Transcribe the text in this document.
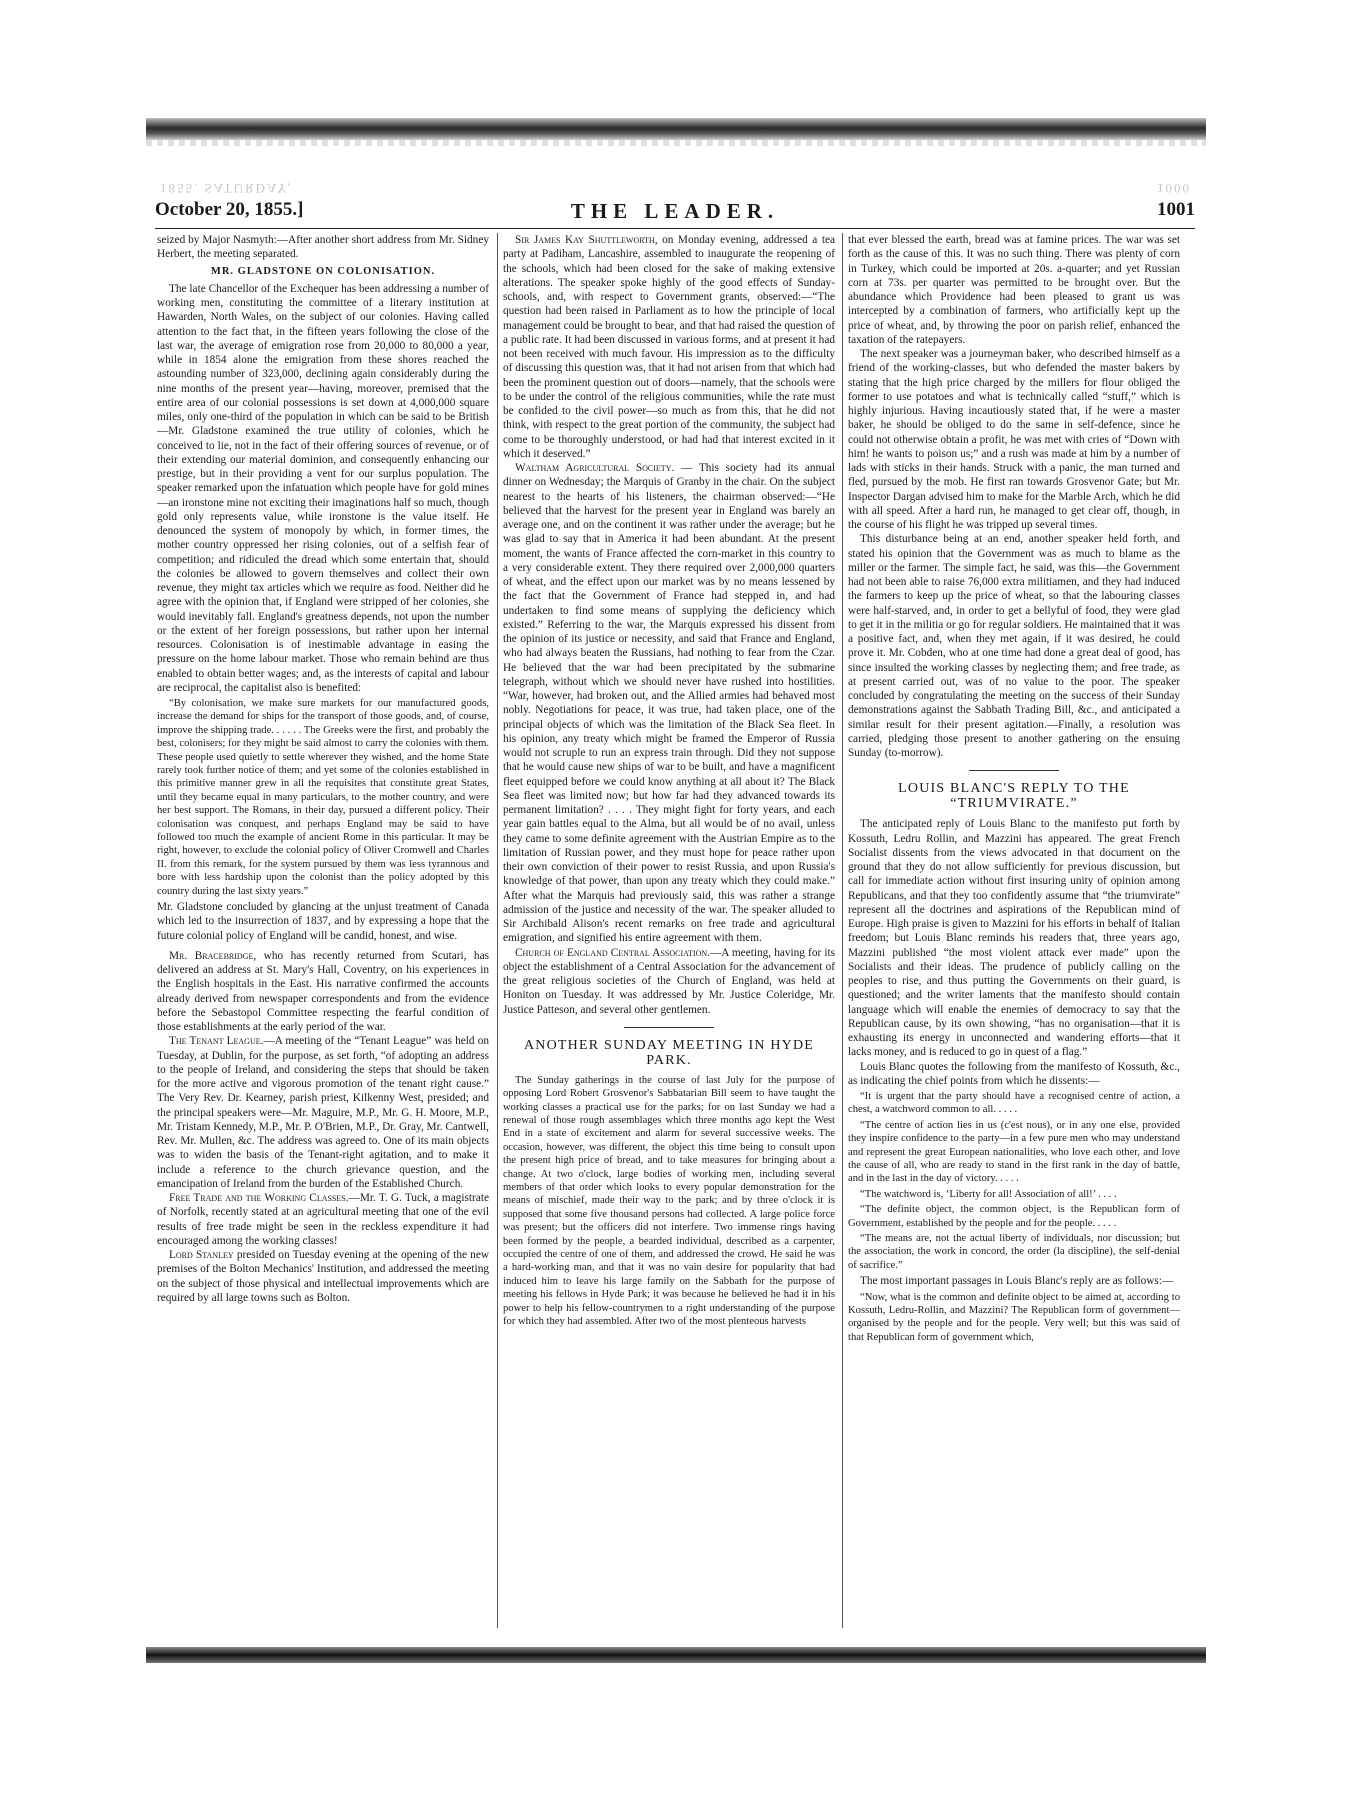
1855. SATURDAY,	1000
THE LEADER.
October 20, 1855.]	1001

seized by Major Nasmyth:—After another short address from Mr. Sidney Herbert, the meeting separated.

MR. GLADSTONE ON COLONISATION.

The late Chancellor of the Exchequer has been addressing a number of working men, constituting the committee of a literary institution at Hawarden, North Wales, on the subject of our colonies. Having called attention to the fact that, in the fifteen years following the close of the last war, the average of emigration rose from 20,000 to 80,000 a year, while in 1854 alone the emigration from these shores reached the astounding number of 323,000, declining again considerably during the nine months of the present year—having, moreover, premised that the entire area of our colonial possessions is set down at 4,000,000 square miles, only one-third of the population in which can be said to be British—Mr. Gladstone examined the true utility of colonies, which he conceived to lie, not in the fact of their offering sources of revenue, or of their extending our material dominion, and consequently enhancing our prestige, but in their providing a vent for our surplus population. The speaker remarked upon the infatuation which people have for gold mines—an ironstone mine not exciting their imaginations half so much, though gold only represents value, while ironstone is the value itself. He denounced the system of monopoly by which, in former times, the mother country oppressed her rising colonies, out of a selfish fear of competition; and ridiculed the dread which some entertain that, should the colonies be allowed to govern themselves and collect their own revenue, they might tax articles which we require as food. Neither did he agree with the opinion that, if England were stripped of her colonies, she would inevitably fall. England's greatness depends, not upon the number or the extent of her foreign possessions, but rather upon her internal resources. Colonisation is of inestimable advantage in easing the pressure on the home labour market. Those who remain behind are thus enabled to obtain better wages; and, as the interests of capital and labour are reciprocal, the capitalist also is benefited:

“By colonisation, we make sure markets for our manufactured goods, increase the demand for ships for the transport of those goods, and, of course, improve the shipping trade. . . . . . The Greeks were the first, and probably the best, colonisers; for they might be said almost to carry the colonies with them. These people used quietly to settle wherever they wished, and the home State rarely took further notice of them; and yet some of the colonies established in this primitive manner grew in all the requisites that constitute great States, until they became equal in many particulars, to the mother country, and were her best support. The Romans, in their day, pursued a different policy. Their colonisation was conquest, and perhaps England may be said to have followed too much the example of ancient Rome in this particular. It may be right, however, to exclude the colonial policy of Oliver Cromwell and Charles II. from this remark, for the system pursued by them was less tyrannous and bore with less hardship upon the colonist than the policy adopted by this country during the last sixty years.”

Mr. Gladstone concluded by glancing at the unjust treatment of Canada which led to the insurrection of 1837, and by expressing a hope that the future colonial policy of England will be candid, honest, and wise.

Mr. Bracebridge, who has recently returned from Scutari, has delivered an address at St. Mary's Hall, Coventry, on his experiences in the English hospitals in the East. His narrative confirmed the accounts already derived from newspaper correspondents and from the evidence before the Sebastopol Committee respecting the fearful condition of those establishments at the early period of the war.

The Tenant League.—A meeting of the “Tenant League” was held on Tuesday, at Dublin, for the purpose, as set forth, “of adopting an address to the people of Ireland, and considering the steps that should be taken for the more active and vigorous promotion of the tenant right cause.” The Very Rev. Dr. Kearney, parish priest, Kilkenny West, presided; and the principal speakers were—Mr. Maguire, M.P., Mr. G. H. Moore, M.P., Mr. Tristam Kennedy, M.P., Mr. P. O'Brien, M.P., Dr. Gray, Mr. Cantwell, Rev. Mr. Mullen, &c. The address was agreed to. One of its main objects was to widen the basis of the Tenant-right agitation, and to make it include a reference to the church grievance question, and the emancipation of Ireland from the burden of the Established Church.

Free Trade and the Working Classes.—Mr. T. G. Tuck, a magistrate of Norfolk, recently stated at an agricultural meeting that one of the evil results of free trade might be seen in the reckless expenditure it had encouraged among the working classes!

Lord Stanley presided on Tuesday evening at the opening of the new premises of the Bolton Mechanics' Institution, and addressed the meeting on the subject of those physical and intellectual improvements which are required by all large towns such as Bolton.

Sir James Kay Shuttleworth, on Monday evening, addressed a tea party at Padiham, Lancashire, assembled to inaugurate the reopening of the schools, which had been closed for the sake of making extensive alterations. The speaker spoke highly of the good effects of Sunday-schools, and, with respect to Government grants, observed:—“The question had been raised in Parliament as to how the principle of local management could be brought to bear, and that had raised the question of a public rate. It had been discussed in various forms, and at present it had not been received with much favour. His impression as to the difficulty of discussing this question was, that it had not arisen from that which had been the prominent question out of doors—namely, that the schools were to be under the control of the religious communities, while the rate must be confided to the civil power—so much as from this, that he did not think, with respect to the great portion of the community, the subject had come to be thoroughly understood, or had had that interest excited in it which it deserved.”

Waltham Agricultural Society. — This society had its annual dinner on Wednesday; the Marquis of Granby in the chair. On the subject nearest to the hearts of his listeners, the chairman observed:—“He believed that the harvest for the present year in England was barely an average one, and on the continent it was rather under the average; but he was glad to say that in America it had been abundant. At the present moment, the wants of France affected the corn-market in this country to a very considerable extent. They there required over 2,000,000 quarters of wheat, and the effect upon our market was by no means lessened by the fact that the Government of France had stepped in, and had undertaken to find some means of supplying the deficiency which existed.” Referring to the war, the Marquis expressed his dissent from the opinion of its justice or necessity, and said that France and England, who had always beaten the Russians, had nothing to fear from the Czar. He believed that the war had been precipitated by the submarine telegraph, without which we should never have rushed into hostilities. “War, however, had broken out, and the Allied armies had behaved most nobly. Negotiations for peace, it was true, had taken place, one of the principal objects of which was the limitation of the Black Sea fleet. In his opinion, any treaty which might be framed the Emperor of Russia would not scruple to run an express train through. Did they not suppose that he would cause new ships of war to be built, and have a magnificent fleet equipped before we could know anything at all about it? The Black Sea fleet was limited now; but how far had they advanced towards its permanent limitation? . . . . They might fight for forty years, and each year gain battles equal to the Alma, but all would be of no avail, unless they came to some definite agreement with the Austrian Empire as to the limitation of Russian power, and they must hope for peace rather upon their own conviction of their power to resist Russia, and upon Russia's knowledge of that power, than upon any treaty which they could make.” After what the Marquis had previously said, this was rather a strange admission of the justice and necessity of the war. The speaker alluded to Sir Archibald Alison's recent remarks on free trade and agricultural emigration, and signified his entire agreement with them.

Church of England Central Association.—A meeting, having for its object the establishment of a Central Association for the advancement of the great religious societies of the Church of England, was held at Honiton on Tuesday. It was addressed by Mr. Justice Coleridge, Mr. Justice Patteson, and several other gentlemen.

ANOTHER SUNDAY MEETING IN HYDE PARK.

The Sunday gatherings in the course of last July for the purpose of opposing Lord Robert Grosvenor's Sabbatarian Bill seem to have taught the working classes a practical use for the parks; for on last Sunday we had a renewal of those rough assemblages which three months ago kept the West End in a state of excitement and alarm for several successive weeks. The occasion, however, was different, the object this time being to consult upon the present high price of bread, and to take measures for bringing about a change. At two o'clock, large bodies of working men, including several members of that order which looks to every popular demonstration for the means of mischief, made their way to the park; and by three o'clock it is supposed that some five thousand persons had collected. A large police force was present; but the officers did not interfere. Two immense rings having been formed by the people, a bearded individual, described as a carpenter, occupied the centre of one of them, and addressed the crowd. He said he was a hard-working man, and that it was no vain desire for popularity that had induced him to leave his large family on the Sabbath for the purpose of meeting his fellows in Hyde Park; it was because he believed he had it in his power to help his fellow-countrymen to a right understanding of the purpose for which they had assembled. After two of the most plenteous harvests

that ever blessed the earth, bread was at famine prices. The war was set forth as the cause of this. It was no such thing. There was plenty of corn in Turkey, which could be imported at 20s. a-quarter; and yet Russian corn at 73s. per quarter was permitted to be brought over. But the abundance which Providence had been pleased to grant us was intercepted by a combination of farmers, who artificially kept up the price of wheat, and, by throwing the poor on parish relief, enhanced the taxation of the ratepayers.

The next speaker was a journeyman baker, who described himself as a friend of the working-classes, but who defended the master bakers by stating that the high price charged by the millers for flour obliged the former to use potatoes and what is technically called “stuff,” which is highly injurious. Having incautiously stated that, if he were a master baker, he should be obliged to do the same in self-defence, since he could not otherwise obtain a profit, he was met with cries of “Down with him! he wants to poison us;” and a rush was made at him by a number of lads with sticks in their hands. Struck with a panic, the man turned and fled, pursued by the mob. He first ran towards Grosvenor Gate; but Mr. Inspector Dargan advised him to make for the Marble Arch, which he did with all speed. After a hard run, he managed to get clear off, though, in the course of his flight he was tripped up several times.

This disturbance being at an end, another speaker held forth, and stated his opinion that the Government was as much to blame as the miller or the farmer. The simple fact, he said, was this—the Government had not been able to raise 76,000 extra militiamen, and they had induced the farmers to keep up the price of wheat, so that the labouring classes were half-starved, and, in order to get a bellyful of food, they were glad to get it in the militia or go for regular soldiers. He maintained that it was a positive fact, and, when they met again, if it was desired, he could prove it. Mr. Cobden, who at one time had done a great deal of good, has since insulted the working classes by neglecting them; and free trade, as at present carried out, was of no value to the poor. The speaker concluded by congratulating the meeting on the success of their Sunday demonstrations against the Sabbath Trading Bill, &c., and anticipated a similar result for their present agitation.—Finally, a resolution was carried, pledging those present to another gathering on the ensuing Sunday (to-morrow).

LOUIS BLANC'S REPLY TO THE “TRIUMVIRATE.”

The anticipated reply of Louis Blanc to the manifesto put forth by Kossuth, Ledru Rollin, and Mazzini has appeared. The great French Socialist dissents from the views advocated in that document on the ground that they do not allow sufficiently for previous discussion, but call for immediate action without first insuring unity of opinion among Republicans, and that they too confidently assume that “the triumvirate” represent all the doctrines and aspirations of the Republican mind of Europe. High praise is given to Mazzini for his efforts in behalf of Italian freedom; but Louis Blanc reminds his readers that, three years ago, Mazzini published “the most violent attack ever made” upon the Socialists and their ideas. The prudence of publicly calling on the peoples to rise, and thus putting the Governments on their guard, is questioned; and the writer laments that the manifesto should contain language which will enable the enemies of democracy to say that the Republican cause, by its own showing, “has no organisation—that it is exhausting its energy in unconnected and wandering efforts—that it lacks money, and is reduced to go in quest of a flag.”

Louis Blanc quotes the following from the manifesto of Kossuth, &c., as indicating the chief points from which he dissents:—

“It is urgent that the party should have a recognised centre of action, a chest, a watchword common to all. . . . .

“The centre of action lies in us (c'est nous), or in any one else, provided they inspire confidence to the party—in a few pure men who may understand and represent the great European nationalities, who love each other, and love the cause of all, who are ready to stand in the first rank in the day of battle, and in the last in the day of victory. . . . .

“The watchword is, ‘Liberty for all! Association of all!’ . . . .

“The definite object, the common object, is the Republican form of Government, established by the people and for the people. . . . .

“The means are, not the actual liberty of individuals, nor discussion; but the association, the work in concord, the order (la discipline), the self-denial of sacrifice.”

The most important passages in Louis Blanc's reply are as follows:—

“Now, what is the common and definite object to be aimed at, according to Kossuth, Ledru-Rollin, and Mazzini? The Republican form of government—organised by the people and for the people. Very well; but this was said of that Republican form of government which,
